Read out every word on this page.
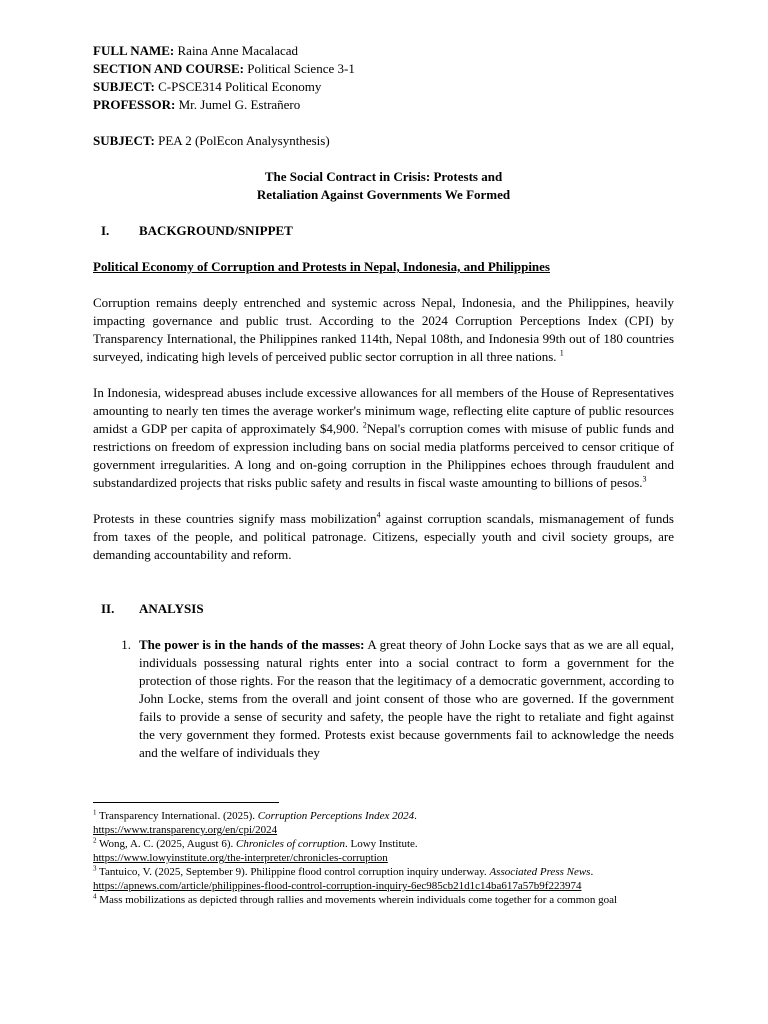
FULL NAME: Raina Anne Macalacad

SECTION AND COURSE: Political Science 3-1

SUBJECT: C-PSCE314 Political Economy

PROFESSOR: Mr. Jumel G. Estrañero

SUBJECT: PEA 2 (PolEcon Analysynthesis)

The Social Contract in Crisis: Protests and

Retaliation Against Governments We Formed

I.	BACKGROUND/SNIPPET

Political Economy of Corruption and Protests in Nepal, Indonesia, and Philippines

Corruption remains deeply entrenched and systemic across Nepal, Indonesia, and the Philippines, heavily impacting governance and public trust. According to the 2024 Corruption Perceptions Index (CPI) by Transparency International, the Philippines ranked 114th, Nepal 108th, and Indonesia 99th out of 180 countries surveyed, indicating high levels of perceived public sector corruption in all three nations. $^1$

In Indonesia, widespread abuses include excessive allowances for all members of the House of Representatives amounting to nearly ten times the average worker's minimum wage, reflecting elite capture of public resources amidst a GDP per capita of approximately $4,900. $^2$Nepal's corruption comes with misuse of public funds and restrictions on freedom of expression including bans on social media platforms perceived to censor critique of government irregularities. A long and on-going corruption in the Philippines echoes through fraudulent and substandardized projects that risks public safety and results in fiscal waste amounting to billions of pesos.$^3$

Protests in these countries signify mass mobilization$^4$ against corruption scandals, mismanagement of funds from taxes of the people, and political patronage. Citizens, especially youth and civil society groups, are demanding accountability and reform.

II.	ANALYSIS

1. The power is in the hands of the masses: A great theory of John Locke says that as we are all equal, individuals possessing natural rights enter into a social contract to form a government for the protection of those rights. For the reason that the legitimacy of a democratic government, according to John Locke, stems from the overall and joint consent of those who are governed. If the government fails to provide a sense of security and safety, the people have the right to retaliate and fight against the very government they formed. Protests exist because governments fail to acknowledge the needs and the welfare of individuals they

$^1$ Transparency International. (2025). Corruption Perceptions Index 2024.
https://www.transparency.org/en/cpi/2024

$^2$ Wong, A. C. (2025, August 6). Chronicles of corruption. Lowy Institute.
https://www.lowyinstitute.org/the-interpreter/chronicles-corruption

$^3$ Tantuico, V. (2025, September 9). Philippine flood control corruption inquiry underway. Associated Press News.
https://apnews.com/article/philippines-flood-control-corruption-inquiry-6ec985cb21d1c14ba617a57b9f223974

$^4$ Mass mobilizations as depicted through rallies and movements wherein individuals come together for a common goal
